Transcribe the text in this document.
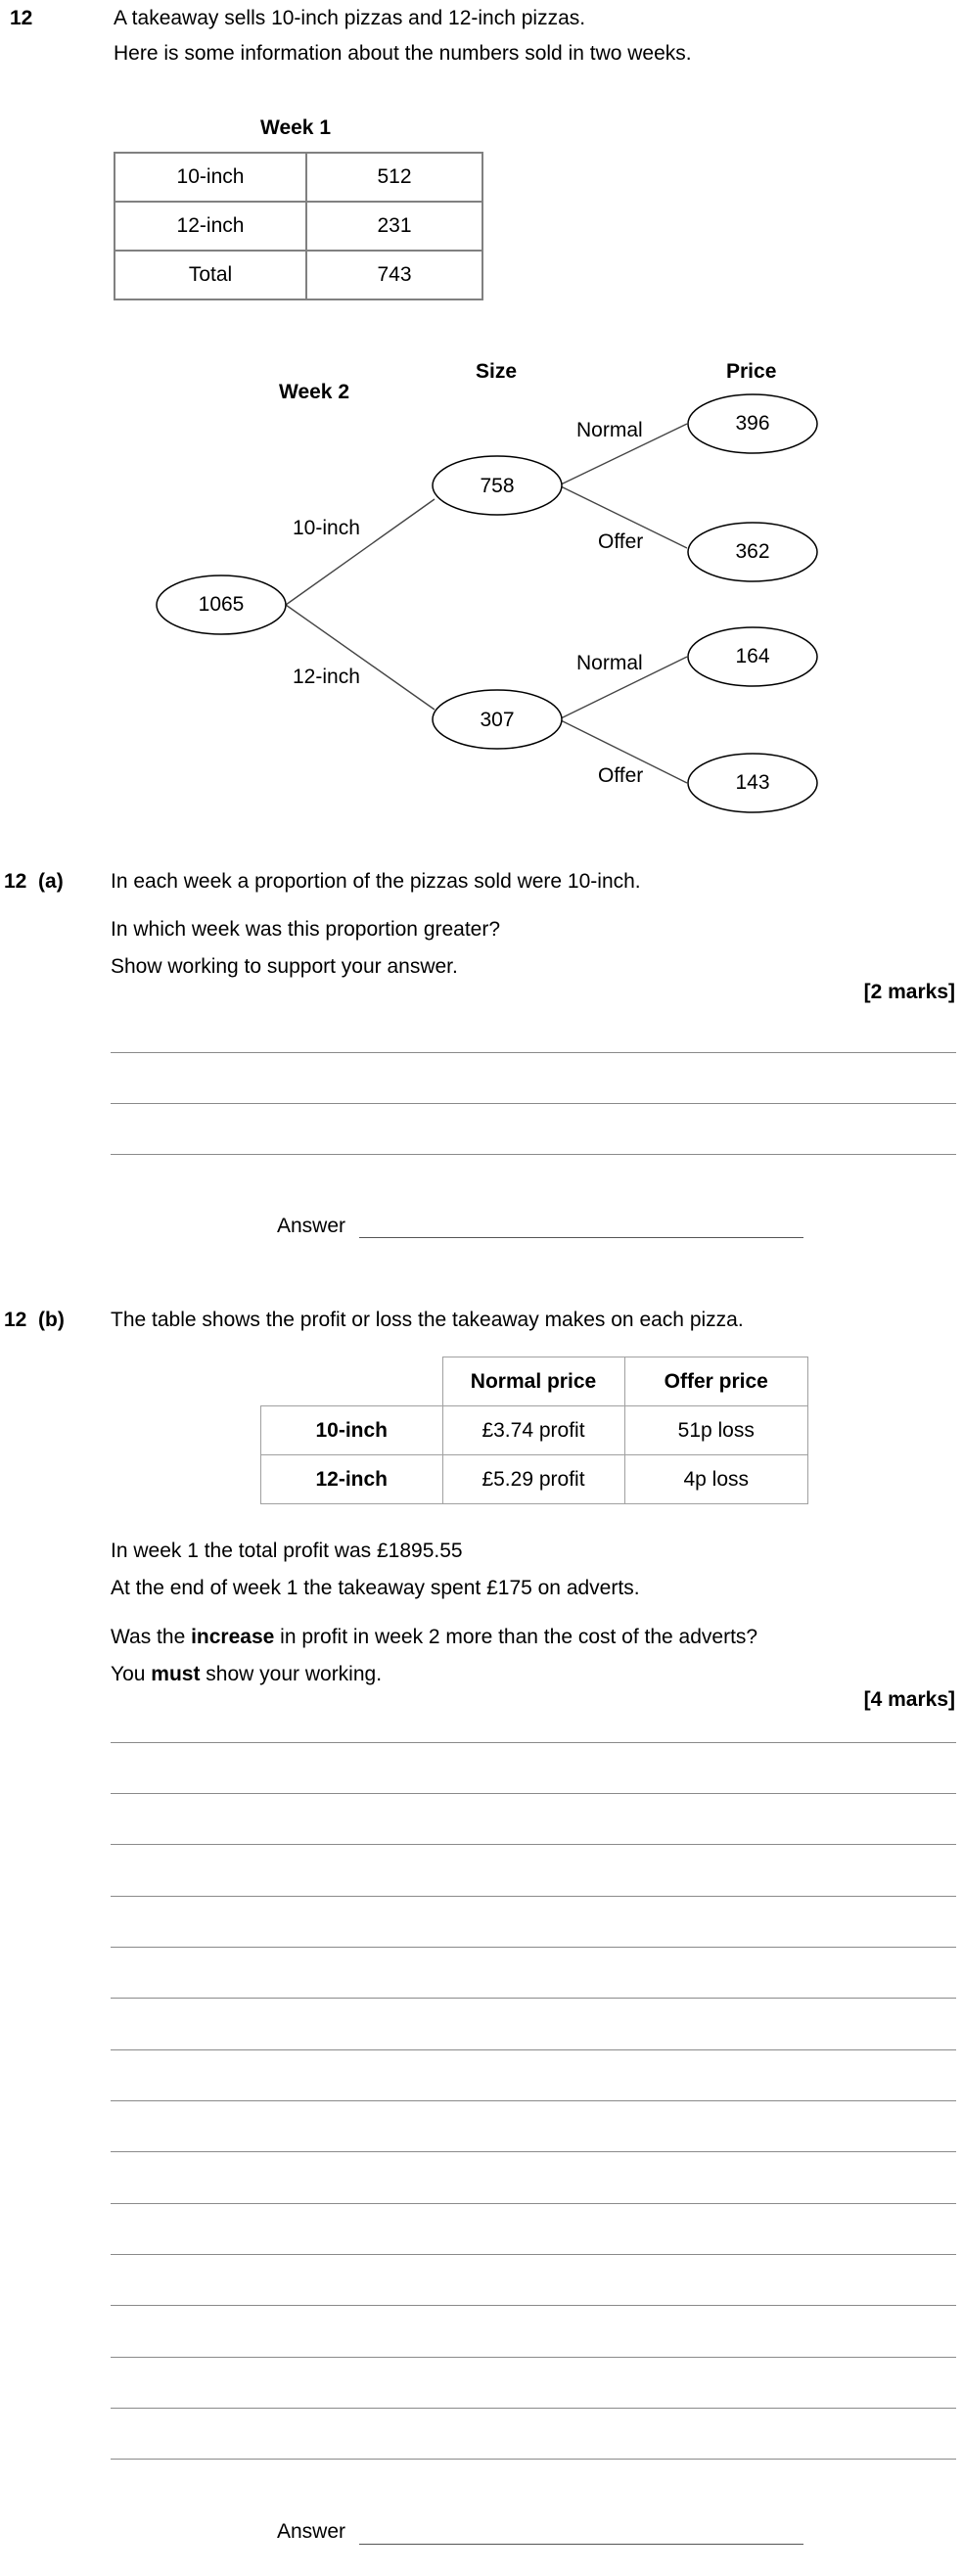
12	A takeaway sells 10-inch pizzas and 12-inch pizzas.
Here is some information about the numbers sold in two weeks.
Week 1
10-inch	512
12-inch	231
Total	743
Week 2
Size	Price
1065
10-inch
12-inch
758
307
Normal
Offer
Normal
Offer
396
362
164
143
12  (a) In each week a proportion of the pizzas sold were 10-inch.
In which week was this proportion greater?
Show working to support your answer.
[2 marks]
Answer
12  (b) The table shows the profit or loss the takeaway makes on each pizza.
	Normal price	Offer price
10-inch	£3.74 profit	51p loss
12-inch	£5.29 profit	4p loss
In week 1 the total profit was £1895.55
At the end of week 1 the takeaway spent £175 on adverts.
Was the increase in profit in week 2 more than the cost of the adverts?
You must show your working.
[4 marks]
Answer
